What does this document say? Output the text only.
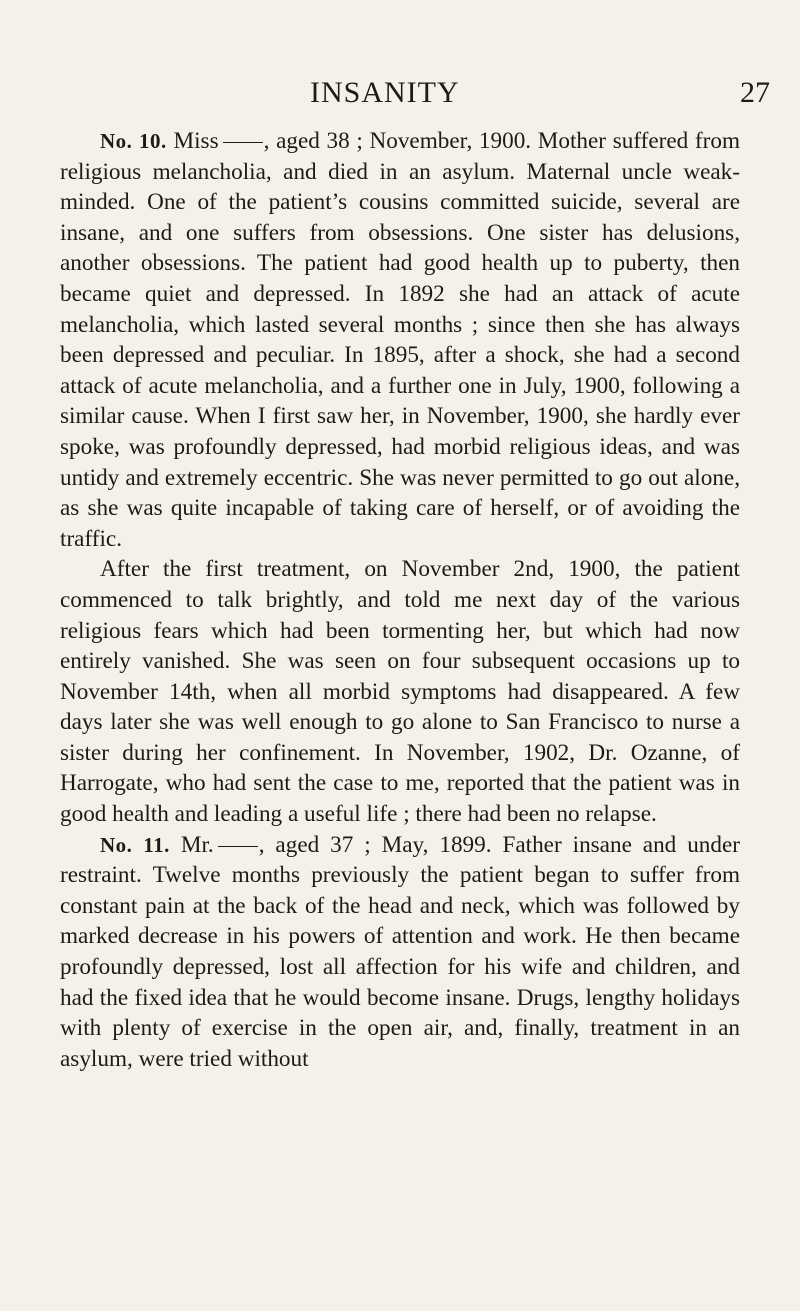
INSANITY	27

No. 10. Miss , aged 38 ; November, 1900. Mother suffered from religious melancholia, and died in an asylum. Maternal uncle weak-minded. One of the patient’s cousins committed suicide, several are insane, and one suffers from obsessions. One sister has delusions, another obsessions. The patient had good health up to puberty, then became quiet and depressed. In 1892 she had an attack of acute melancholia, which lasted several months ; since then she has always been depressed and peculiar. In 1895, after a shock, she had a second attack of acute melancholia, and a further one in July, 1900, following a similar cause. When I first saw her, in November, 1900, she hardly ever spoke, was profoundly depressed, had morbid religious ideas, and was untidy and extremely eccentric. She was never permitted to go out alone, as she was quite incapable of taking care of herself, or of avoiding the traffic.

After the first treatment, on November 2nd, 1900, the patient commenced to talk brightly, and told me next day of the various religious fears which had been tormenting her, but which had now entirely vanished. She was seen on four subsequent occasions up to November 14th, when all morbid symptoms had disappeared. A few days later she was well enough to go alone to San Francisco to nurse a sister during her confinement. In November, 1902, Dr. Ozanne, of Harrogate, who had sent the case to me, reported that the patient was in good health and leading a useful life ; there had been no relapse.

No. 11. Mr. , aged 37 ; May, 1899. Father insane and under restraint. Twelve months previously the patient began to suffer from constant pain at the back of the head and neck, which was followed by marked decrease in his powers of attention and work. He then became profoundly depressed, lost all affection for his wife and children, and had the fixed idea that he would become insane. Drugs, lengthy holidays with plenty of exercise in the open air, and, finally, treatment in an asylum, were tried without
